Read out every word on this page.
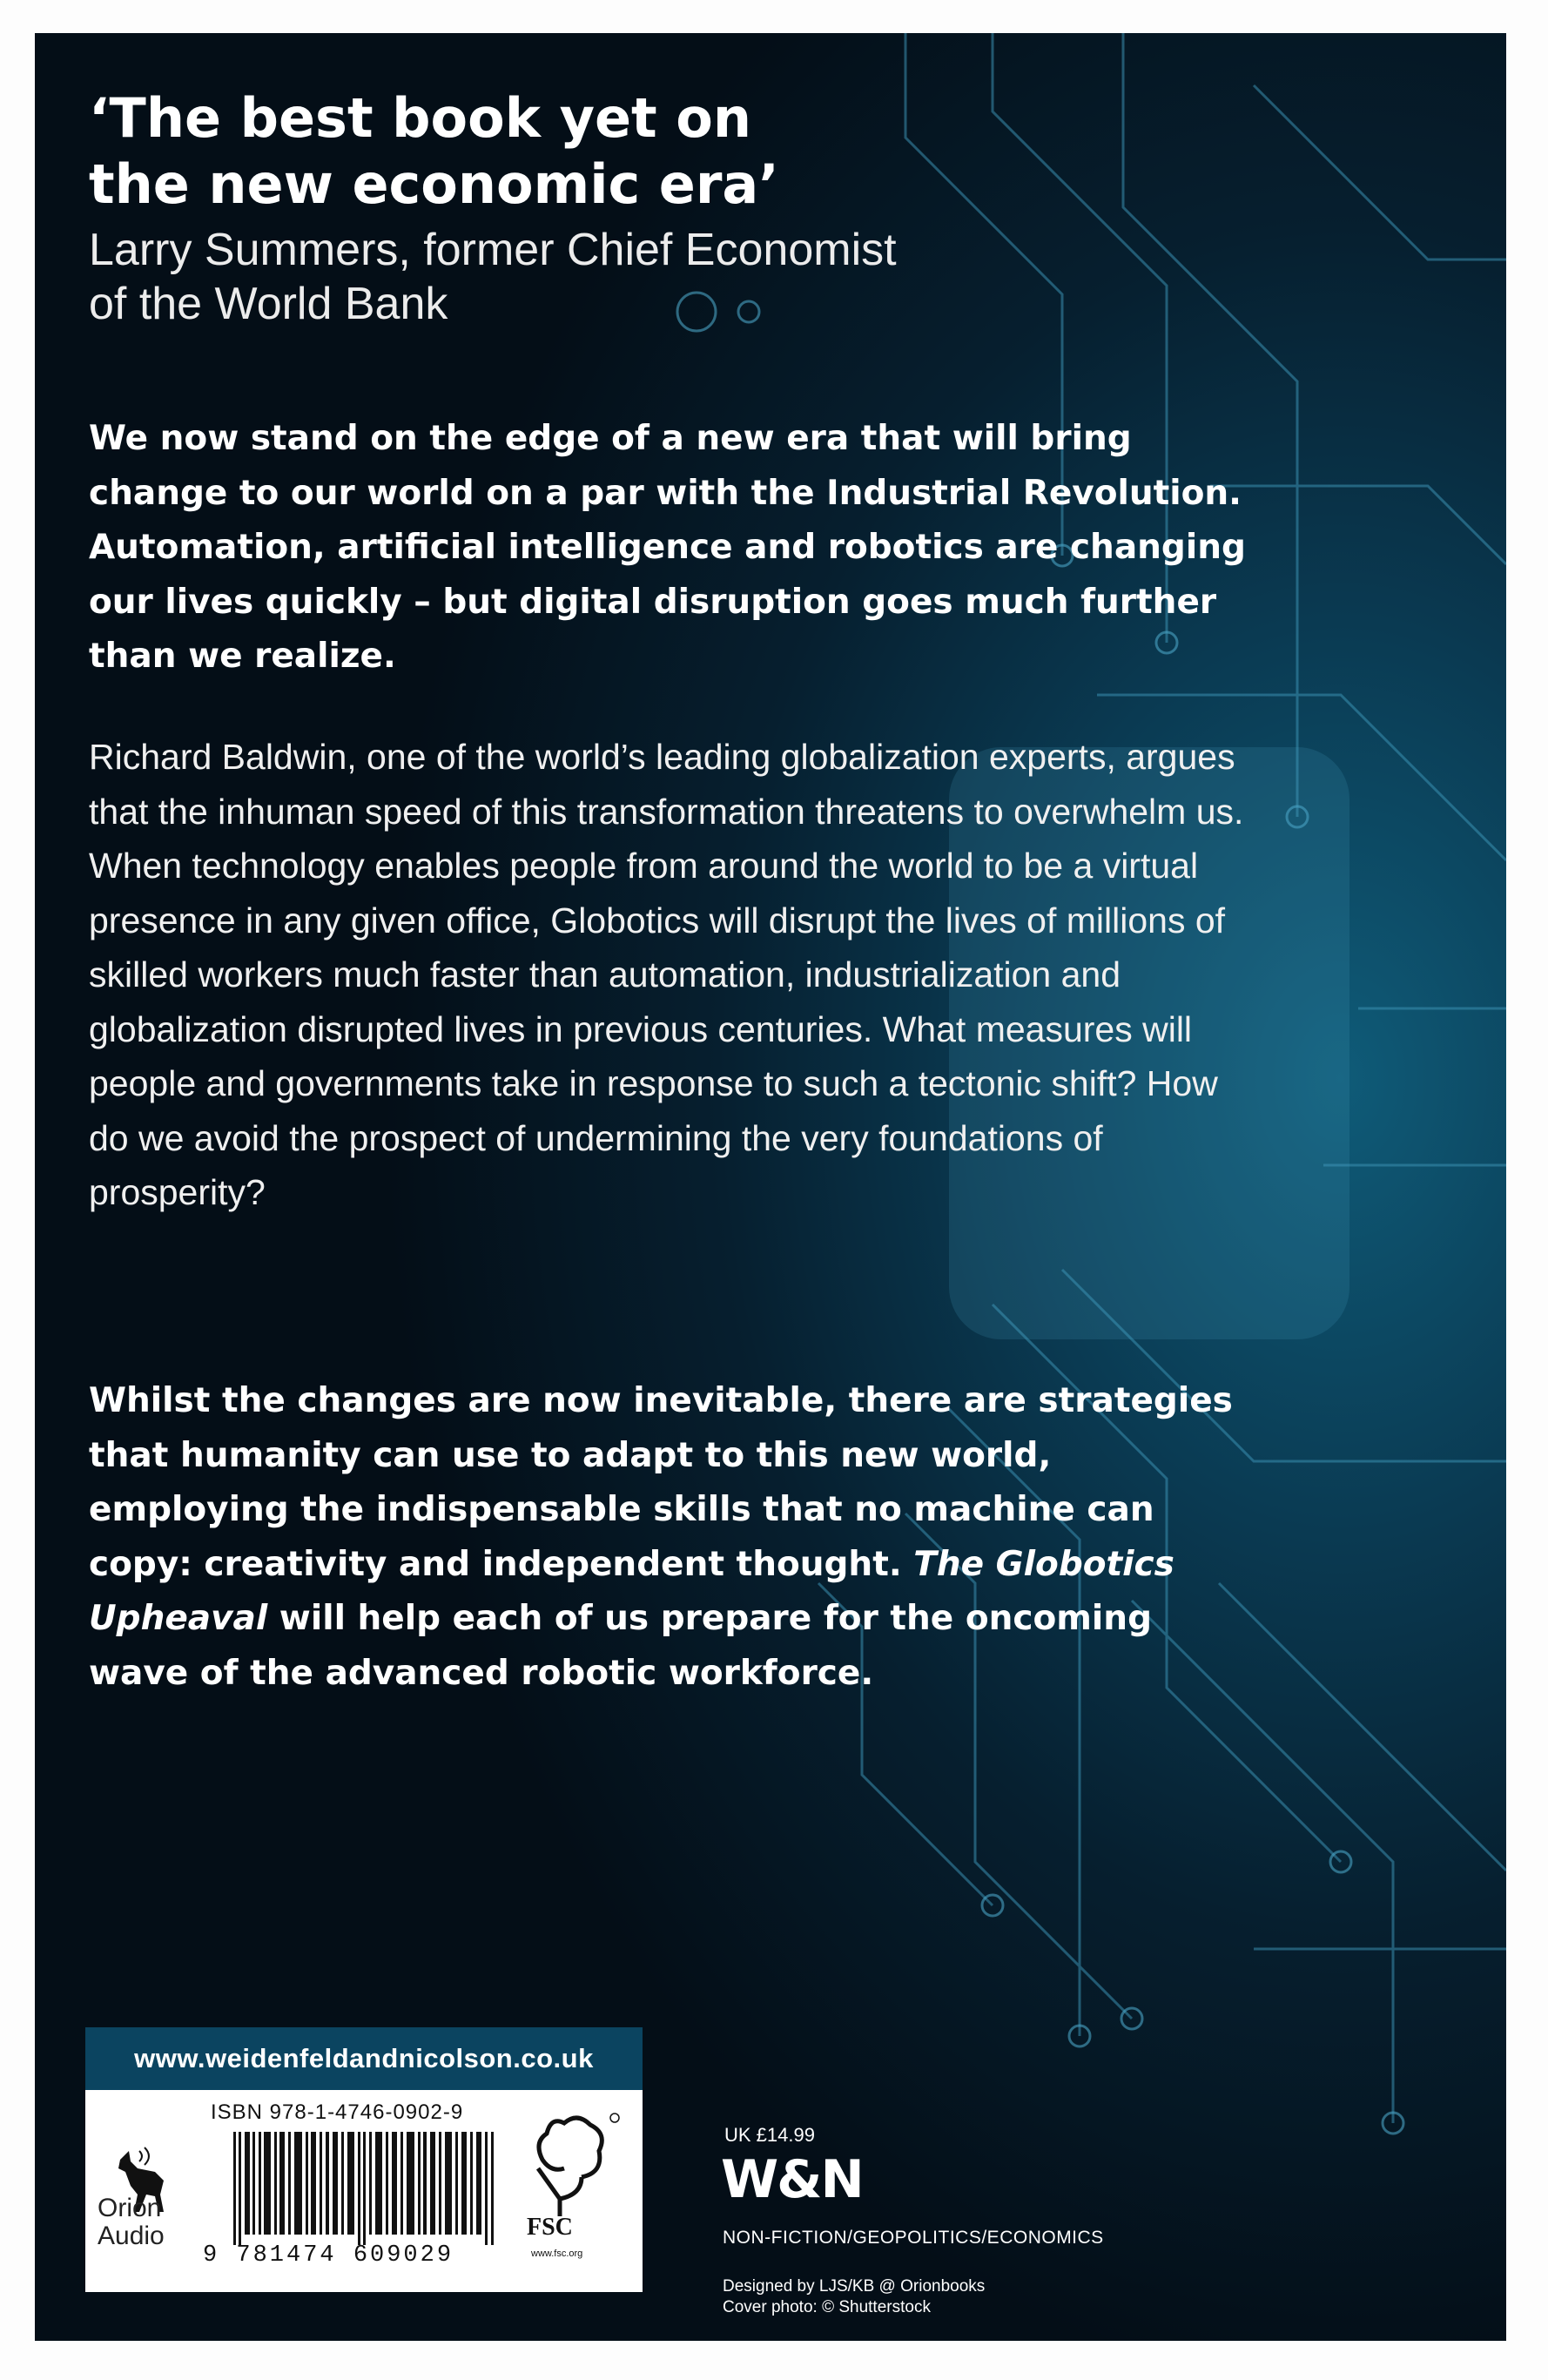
‘The best book yet on
the new economic era’
Larry Summers, former Chief Economist
of the World Bank

We now stand on the edge of a new era that will bring change to our world on a par with the Industrial Revolution. Automation, artificial intelligence and robotics are changing our lives quickly – but digital disruption goes much further than we realize.

Richard Baldwin, one of the world’s leading globalization experts, argues that the inhuman speed of this transformation threatens to overwhelm us. When technology enables people from around the world to be a virtual presence in any given office, Globotics will disrupt the lives of millions of skilled workers much faster than automation, industrialization and globalization disrupted lives in previous centuries. What measures will people and governments take in response to such a tectonic shift? How do we avoid the prospect of undermining the very foundations of prosperity?

Whilst the changes are now inevitable, there are strategies that humanity can use to adapt to this new world, employing the indispensable skills that no machine can copy: creativity and independent thought. The Globotics Upheaval will help each of us prepare for the oncoming wave of the advanced robotic workforce.

www.weidenfeldandnicolson.co.uk
Orion
Audio
ISBN 978-1-4746-0902-9
9 781474 609029
FSC
www.fsc.org
UK £14.99
W&N
NON-FICTION/GEOPOLITICS/ECONOMICS
Designed by LJS/KB @ Orionbooks
Cover photo: © Shutterstock
